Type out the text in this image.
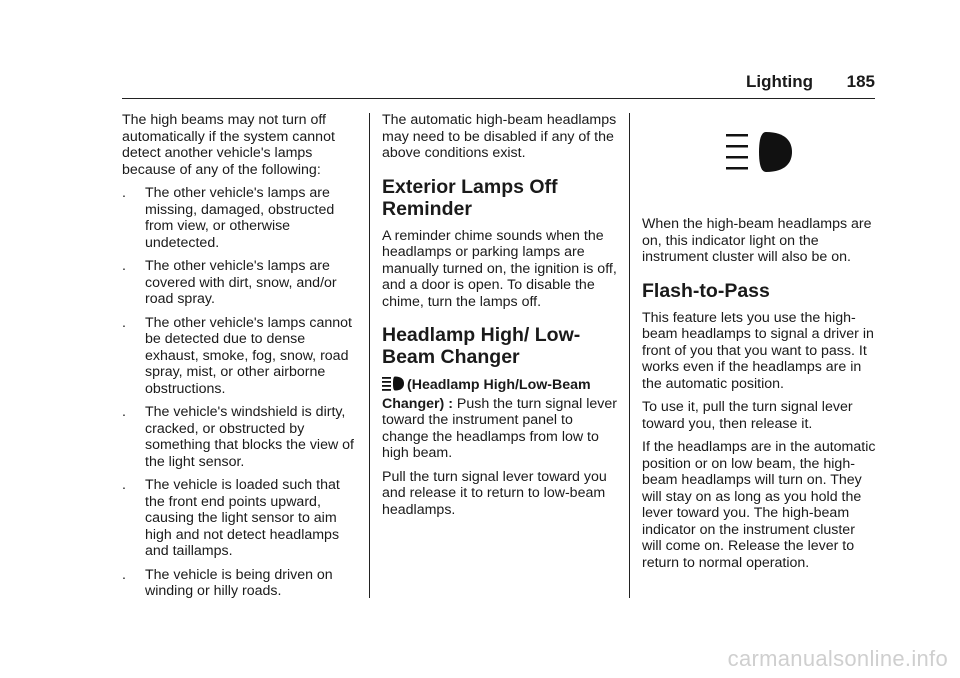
Lighting 185

The high beams may not turn off automatically if the system cannot detect another vehicle's lamps because of any of the following:

.	The other vehicle's lamps are missing, damaged, obstructed from view, or otherwise undetected.
.	The other vehicle's lamps are covered with dirt, snow, and/or road spray.
.	The other vehicle's lamps cannot be detected due to dense exhaust, smoke, fog, snow, road spray, mist, or other airborne obstructions.
.	The vehicle's windshield is dirty, cracked, or obstructed by something that blocks the view of the light sensor.
.	The vehicle is loaded such that the front end points upward, causing the light sensor to aim high and not detect headlamps and taillamps.
.	The vehicle is being driven on winding or hilly roads.

The automatic high-beam headlamps may need to be disabled if any of the above conditions exist.

Exterior Lamps Off Reminder

A reminder chime sounds when the headlamps or parking lamps are manually turned on, the ignition is off, and a door is open. To disable the chime, turn the lamps off.

Headlamp High/ Low-Beam Changer

(Headlamp High/Low-Beam Changer) : Push the turn signal lever toward the instrument panel to change the headlamps from low to high beam.

Pull the turn signal lever toward you and release it to return to low-beam headlamps.

When the high-beam headlamps are on, this indicator light on the instrument cluster will also be on.

Flash-to-Pass

This feature lets you use the high-beam headlamps to signal a driver in front of you that you want to pass. It works even if the headlamps are in the automatic position.

To use it, pull the turn signal lever toward you, then release it.

If the headlamps are in the automatic position or on low beam, the high-beam headlamps will turn on. They will stay on as long as you hold the lever toward you. The high-beam indicator on the instrument cluster will come on. Release the lever to return to normal operation.

carmanualsonline.info
